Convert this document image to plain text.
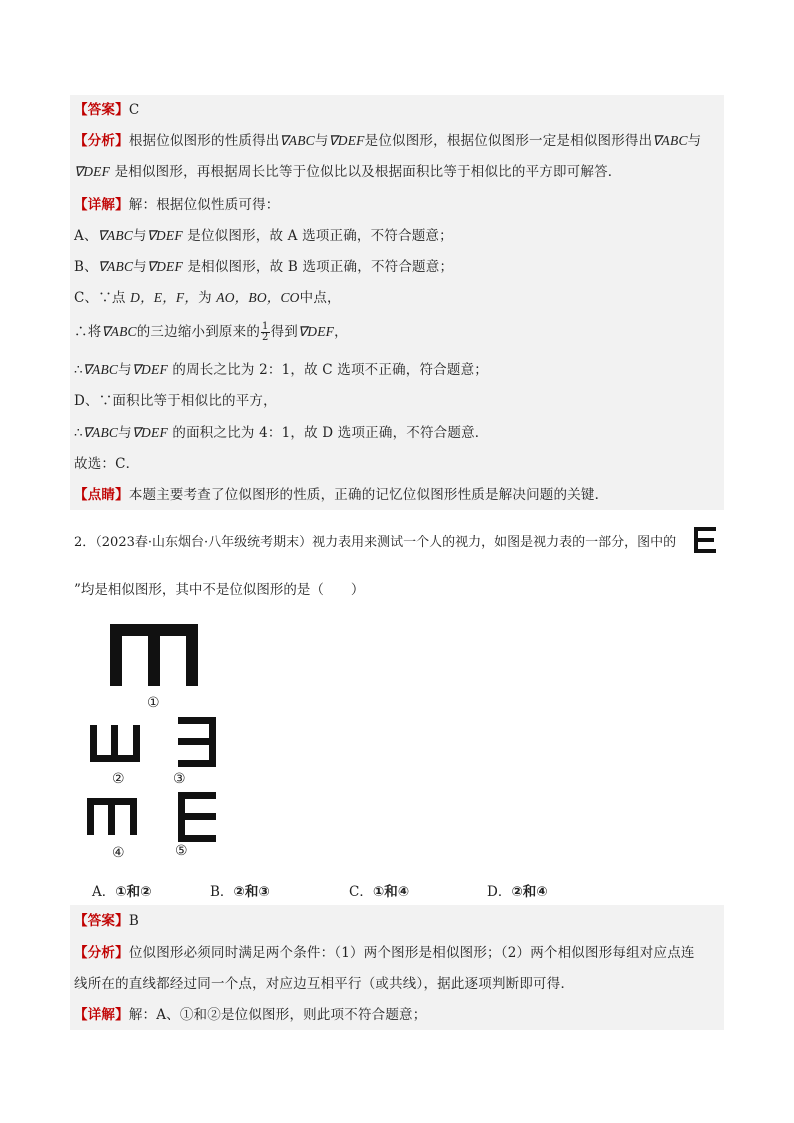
【答案】C
【分析】根据位似图形的性质得出∇ABC与∇DEF是位似图形，根据位似图形一定是相似图形得出∇ABC与
∇DEF 是相似图形，再根据周长比等于位似比以及根据面积比等于相似比的平方即可解答．
【详解】解：根据位似性质可得：
A、∇ABC与∇DEF 是位似图形，故 A 选项正确，不符合题意；
B、∇ABC与∇DEF 是相似图形，故 B 选项正确，不符合题意；
C、∵点 D，E，F，为 AO，BO，CO中点，
∴将∇ABC的三边缩小到原来的 $\frac{1}{2}$ 得到∇DEF，
∴∇ABC与∇DEF 的周长之比为 2：1，故 C 选项不正确，符合题意；
D、∵面积比等于相似比的平方，
∴∇ABC与∇DEF 的面积之比为 4：1，故 D 选项正确，不符合题意．
故选：C．
【点睛】本题主要考查了位似图形的性质，正确的记忆位似图形性质是解决问题的关键．
2．（2023春·山东烟台·八年级统考期末）视力表用来测试一个人的视力，如图是视力表的一部分，图中的
”均是相似图形，其中不是位似图形的是（　　）
①
②	③
④	⑤
A．①和②	B．②和③	C．①和④	D．②和④
【答案】B
【分析】位似图形必须同时满足两个条件：（1）两个图形是相似图形；（2）两个相似图形每组对应点连
线所在的直线都经过同一个点，对应边互相平行（或共线），据此逐项判断即可得．
【详解】解：A、①和②是位似图形，则此项不符合题意；
